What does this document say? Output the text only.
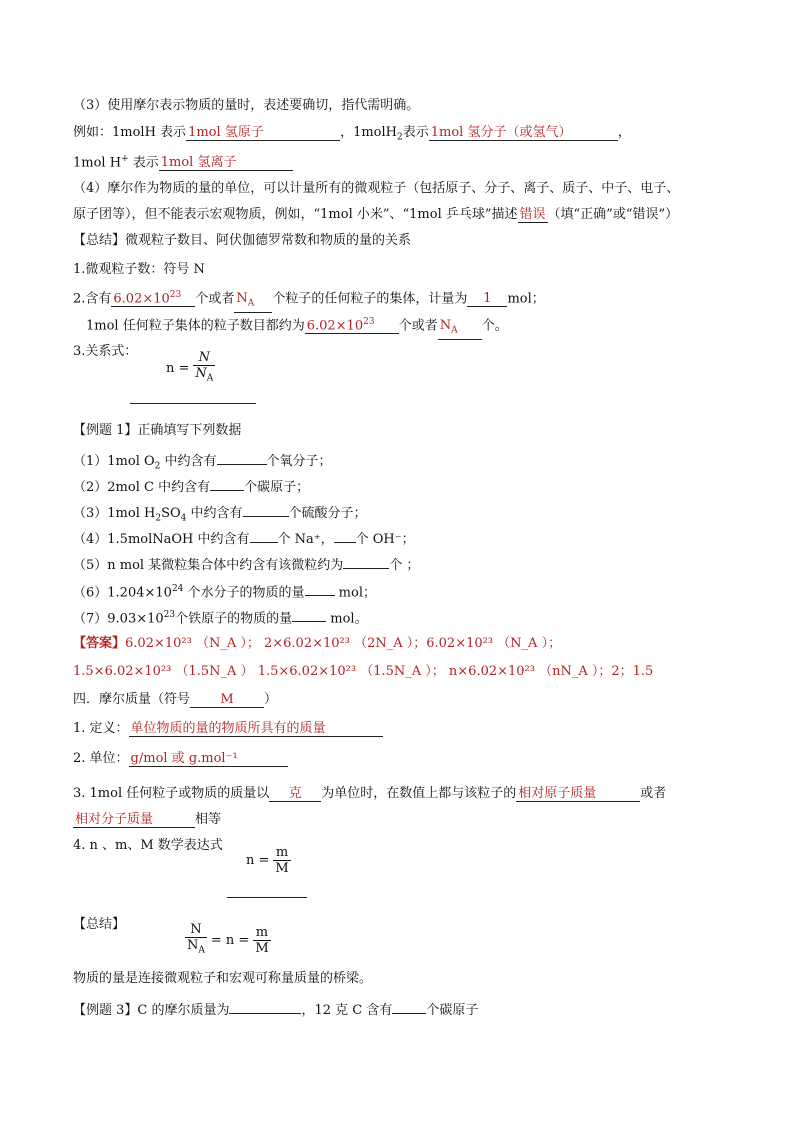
（3）使用摩尔表示物质的量时，表述要确切，指代需明确。
例如：1molH 表示 1mol 氢原子	，1molH$_2$表示 1mol 氢分子（或氢气）	，
1mol H+ 表示 1mol 氢离子
（4）摩尔作为物质的量的单位，可以计量所有的微观粒子（包括原子、分子、离子、质子、中子、电子、
原子团等），但不能表示宏观物质，例如，“1mol 小米”、“1mol 乒乓球”描述 错误 （填“正确”或“错误”）
【总结】微观粒子数目、阿伏伽德罗常数和物质的量的关系
1.微观粒子数：符号 N
2.含有 $6.02\times 10^{23}$ 个或者 $N_A$ 个粒子的任何粒子的集体，计量为 1 mol；
1mol 任何粒子集体的粒子数目都约为 $6.02\times 10^{23}$ 个或者 $N_A$ 个。
3.关系式：
$n = \frac{N}{N_A}$
【例题 1】正确填写下列数据
（1）1mol $O_2$ 中约含有	个氧分子；
（2）2mol C 中约含有	个碳原子；
（3）1mol $H_2SO_4$ 中约含有	个硫酸分子；
（4）1.5molNaOH 中约含有 个 Na⁺， 个 OH⁻；
（5）n mol 某微粒集合体中约含有该微粒约为	个 ；
$(6)1.204\times 10^{24}$ 个水分子的物质的量 mol；
$(7)9.03\times 10^{23}$个铁原子的物质的量	mol。
【答案】6.02×10²³ （N_A ）； 2×6.02×10²³ （2N_A ）；6.02×10²³ （N_A ）；
1.5×6.02×10²³ （1.5N_A ） 1.5×6.02×10²³ （1.5N_A ）； n×6.02×10²³ （nN_A ）；2；1.5
四．摩尔质量（符号 M ）
1. 定义： 单位物质的量的物质所具有的质量
2. 单位： g/mol 或 g.mol⁻¹
3. 1mol 任何粒子或物质的质量以 克 为单位时，在数值上都与该粒子的 相对原子质量	或者
相对分子质量	相等
4. n 、m、M 数学表达式
$n = \frac{m}{M}$
【总结】	$\frac{N}{N_A} = n = \frac{m}{M}$
物质的量是连接微观粒子和宏观可称量质量的桥梁。
【例题 3】C 的摩尔质量为	，12 克 C 含有	个碳原子
